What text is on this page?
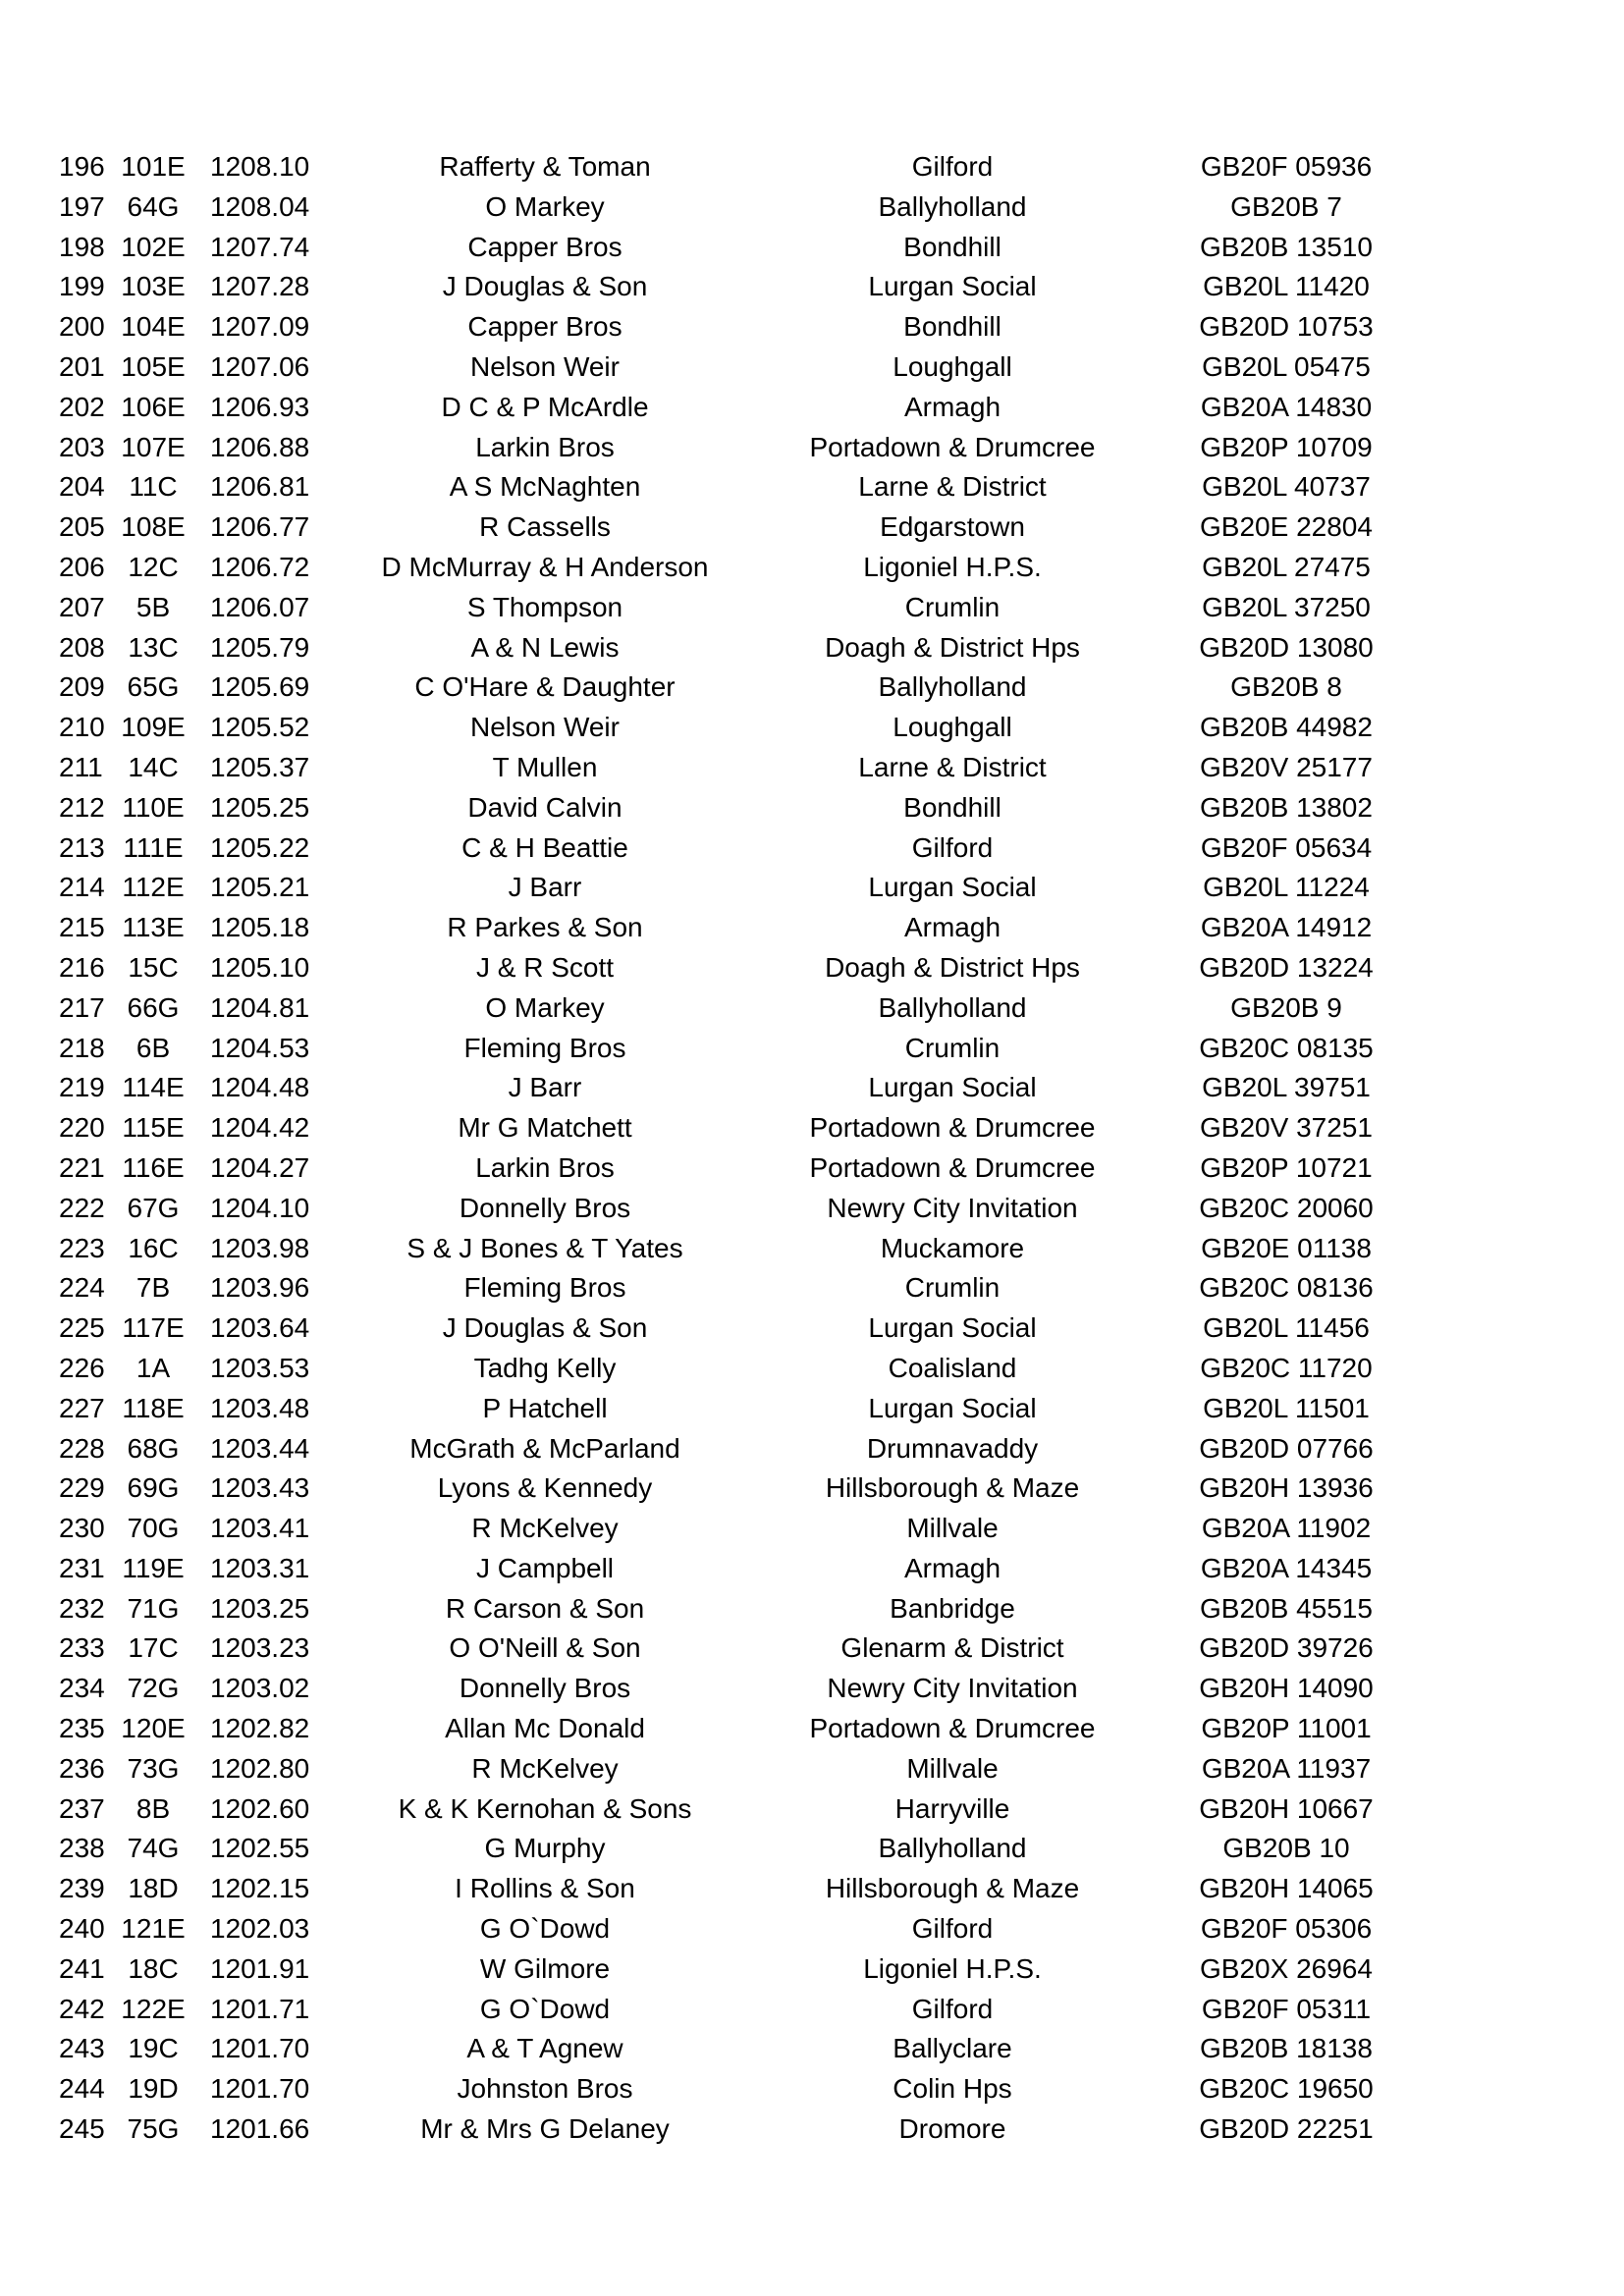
196 101E 1208.10	Rafferty & Toman	Gilford	GB20F 05936
197 64G	1208.04	O Markey	Ballyholland	GB20B 7
198 102E 1207.74	Capper Bros	Bondhill	GB20B 13510
199 103E 1207.28	J Douglas & Son	Lurgan Social	GB20L 11420
200 104E 1207.09	Capper Bros	Bondhill	GB20D 10753
201 105E 1207.06	Nelson Weir	Loughgall	GB20L 05475
202 106E 1206.93	D C & P McArdle	Armagh	GB20A 14830
203 107E 1206.88	Larkin Bros	Portadown & Drumcree	GB20P 10709
204 11C	1206.81	A S McNaghten	Larne & District	GB20L 40737
205 108E 1206.77	R Cassells	Edgarstown	GB20E 22804
206 12C	1206.72	D McMurray & H Anderson	Ligoniel H.P.S.	GB20L 27475
207	5B	1206.07	S Thompson	Crumlin	GB20L 37250
208 13C	1205.79	A & N Lewis	Doagh & District Hps	GB20D 13080
209 65G	1205.69	C O'Hare & Daughter	Ballyholland	GB20B 8
210 109E 1205.52	Nelson Weir	Loughgall	GB20B 44982
211 14C	1205.37	T Mullen	Larne & District	GB20V 25177
212 110E 1205.25	David Calvin	Bondhill	GB20B 13802
213 111E 1205.22	C & H Beattie	Gilford	GB20F 05634
214 112E 1205.21	J Barr	Lurgan Social	GB20L 11224
215 113E 1205.18	R Parkes & Son	Armagh	GB20A 14912
216 15C	1205.10	J & R Scott	Doagh & District Hps	GB20D 13224
217 66G	1204.81	O Markey	Ballyholland	GB20B 9
218	6B	1204.53	Fleming Bros	Crumlin	GB20C 08135
219 114E 1204.48	J Barr	Lurgan Social	GB20L 39751
220 115E 1204.42	Mr G Matchett	Portadown & Drumcree	GB20V 37251
221 116E 1204.27	Larkin Bros	Portadown & Drumcree	GB20P 10721
222 67G	1204.10	Donnelly Bros	Newry City Invitation	GB20C 20060
223 16C	1203.98	S & J Bones & T Yates	Muckamore	GB20E 01138
224	7B	1203.96	Fleming Bros	Crumlin	GB20C 08136
225 117E 1203.64	J Douglas & Son	Lurgan Social	GB20L 11456
226	1A	1203.53	Tadhg Kelly	Coalisland	GB20C 11720
227 118E 1203.48	P Hatchell	Lurgan Social	GB20L 11501
228 68G	1203.44	McGrath & McParland	Drumnavaddy	GB20D 07766
229 69G	1203.43	Lyons & Kennedy	Hillsborough & Maze	GB20H 13936
230 70G	1203.41	R McKelvey	Millvale	GB20A 11902
231 119E 1203.31	J Campbell	Armagh	GB20A 14345
232 71G	1203.25	R Carson & Son	Banbridge	GB20B 45515
233 17C	1203.23	O O'Neill & Son	Glenarm & District	GB20D 39726
234 72G	1203.02	Donnelly Bros	Newry City Invitation	GB20H 14090
235 120E 1202.82	Allan Mc Donald	Portadown & Drumcree	GB20P 11001
236 73G	1202.80	R McKelvey	Millvale	GB20A 11937
237	8B	1202.60	K & K Kernohan & Sons	Harryville	GB20H 10667
238 74G	1202.55	G Murphy	Ballyholland	GB20B 10
239 18D	1202.15	I Rollins & Son	Hillsborough & Maze	GB20H 14065
240 121E 1202.03	G O`Dowd	Gilford	GB20F 05306
241 18C	1201.91	W Gilmore	Ligoniel H.P.S.	GB20X 26964
242 122E 1201.71	G O`Dowd	Gilford	GB20F 05311
243 19C	1201.70	A & T Agnew	Ballyclare	GB20B 18138
244 19D	1201.70	Johnston Bros	Colin Hps	GB20C 19650
245 75G	1201.66	Mr & Mrs G Delaney	Dromore	GB20D 22251
